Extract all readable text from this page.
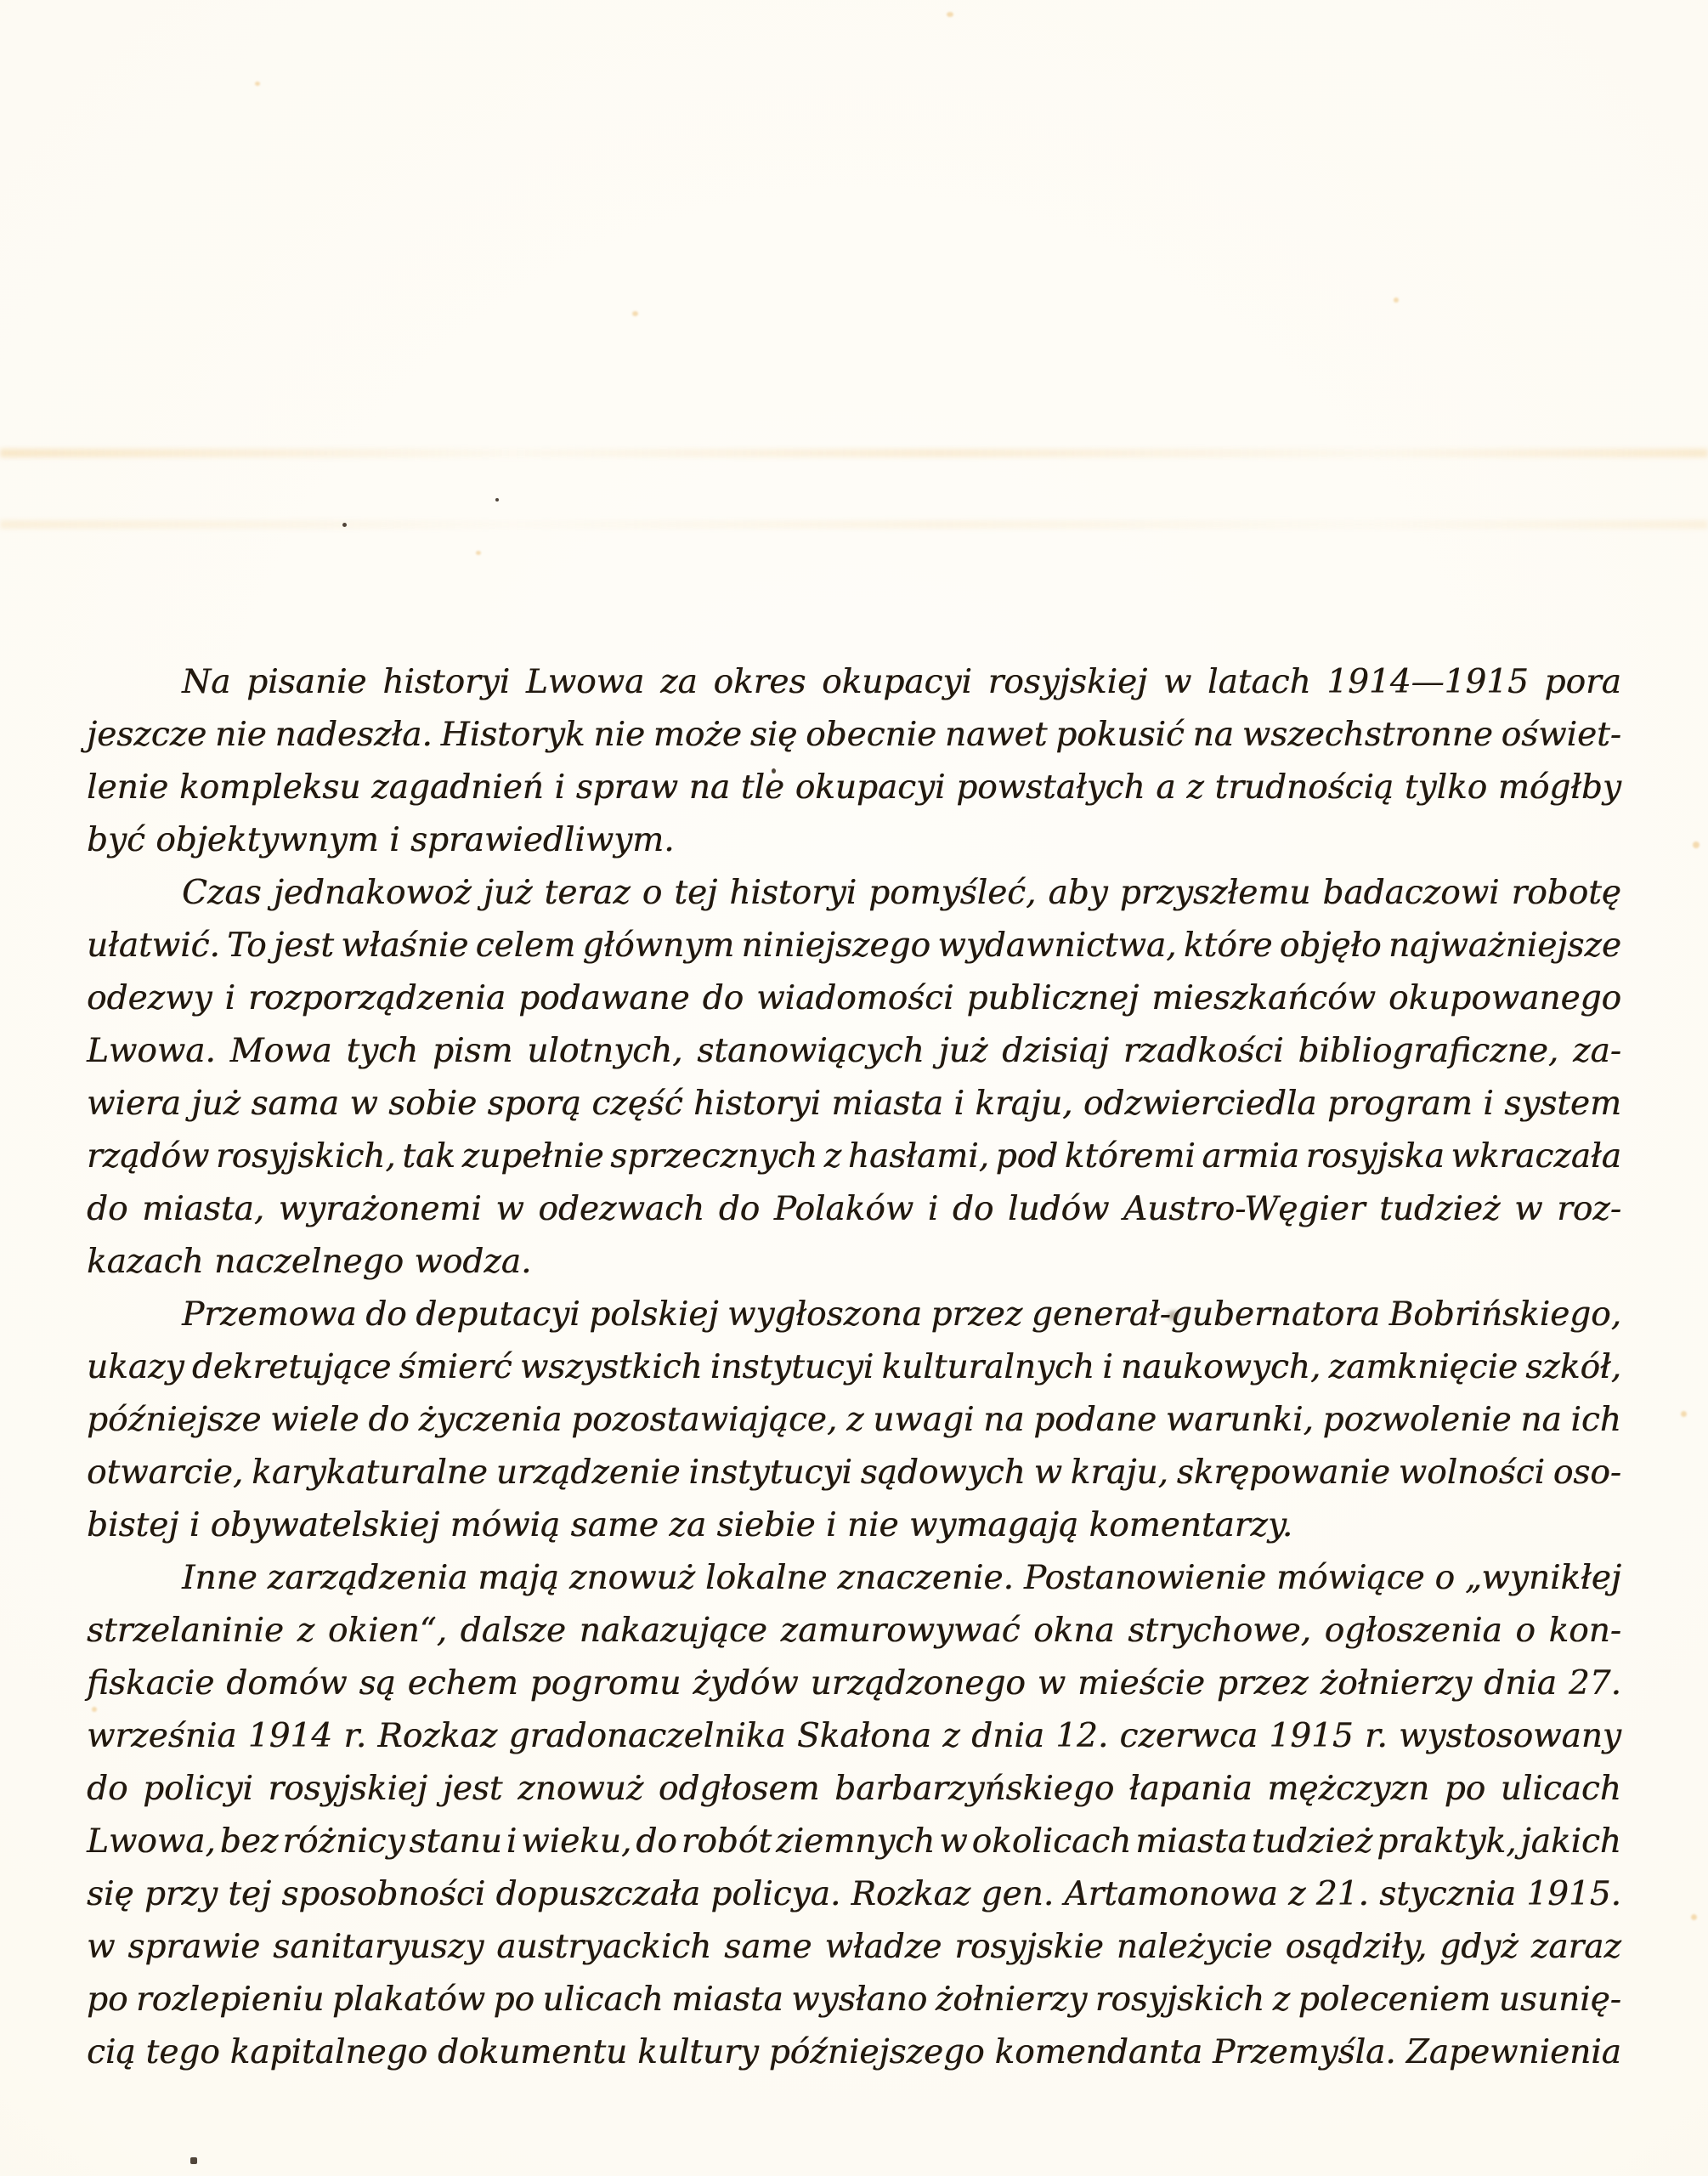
Na pisanie historyi Lwowa za okres okupacyi rosyjskiej w latach 1914—1915 pora
jeszcze nie nadeszła. Historyk nie może się obecnie nawet pokusić na wszechstronne oświet-
lenie kompleksu zagadnień i spraw na tle okupacyi powstałych a z trudnością tylko mógłby
być objektywnym i sprawiedliwym.
Czas jednakowoż już teraz o tej historyi pomyśleć, aby przyszłemu badaczowi robotę
ułatwić. To jest właśnie celem głównym niniejszego wydawnictwa, które objęło najważniejsze
odezwy i rozporządzenia podawane do wiadomości publicznej mieszkańców okupowanego
Lwowa. Mowa tych pism ulotnych, stanowiących już dzisiaj rzadkości bibliograficzne, za-
wiera już sama w sobie sporą część historyi miasta i kraju, odzwierciedla program i system
rządów rosyjskich, tak zupełnie sprzecznych z hasłami, pod któremi armia rosyjska wkraczała
do miasta, wyrażonemi w odezwach do Polaków i do ludów Austro-Węgier tudzież w roz-
kazach naczelnego wodza.
Przemowa do deputacyi polskiej wygłoszona przez generał-gubernatora Bobrińskiego,
ukazy dekretujące śmierć wszystkich instytucyi kulturalnych i naukowych, zamknięcie szkół,
późniejsze wiele do życzenia pozostawiające, z uwagi na podane warunki, pozwolenie na ich
otwarcie, karykaturalne urządzenie instytucyi sądowych w kraju, skrępowanie wolności oso-
bistej i obywatelskiej mówią same za siebie i nie wymagają komentarzy.
Inne zarządzenia mają znowuż lokalne znaczenie. Postanowienie mówiące o „wynikłej
strzelaninie z okien“, dalsze nakazujące zamurowywać okna strychowe, ogłoszenia o kon-
fiskacie domów są echem pogromu żydów urządzonego w mieście przez żołnierzy dnia 27.
września 1914 r. Rozkaz gradonaczelnika Skałona z dnia 12. czerwca 1915 r. wystosowany
do policyi rosyjskiej jest znowuż odgłosem barbarzyńskiego łapania mężczyzn po ulicach
Lwowa, bez różnicy stanu i wieku, do robót ziemnych w okolicach miasta tudzież praktyk, jakich
się przy tej sposobności dopuszczała policya. Rozkaz gen. Artamonowa z 21. stycznia 1915.
w sprawie sanitaryuszy austryackich same władze rosyjskie należycie osądziły, gdyż zaraz
po rozlepieniu plakatów po ulicach miasta wysłano żołnierzy rosyjskich z poleceniem usunię-
cią tego kapitalnego dokumentu kultury późniejszego komendanta Przemyśla. Zapewnienia
